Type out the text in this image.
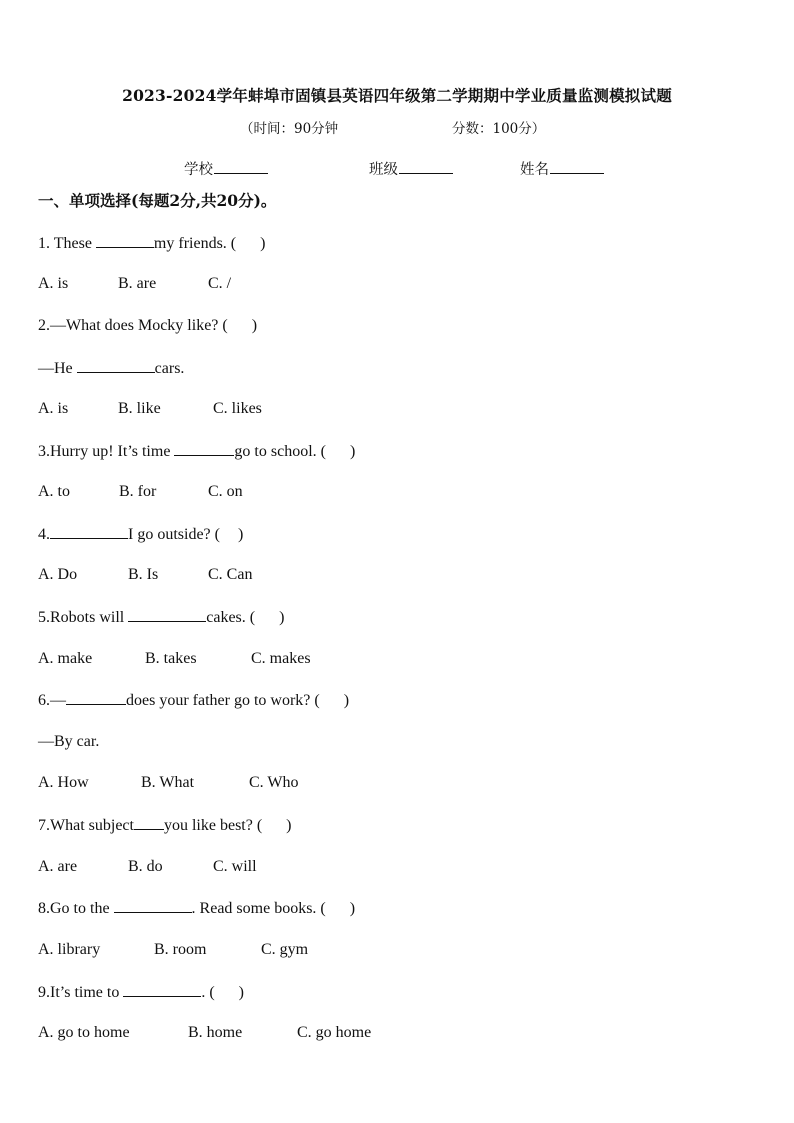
2023-2024学年蚌埠市固镇县英语四年级第二学期期中学业质量监测模拟试题
（时间：90分钟	分数：100分）
学校	班级	姓名
一、单项选择(每题2分,共20分)。
1. These	my friends. ( )
A. is	B. are	C. /
2.—What does Mocky like? ( )
—He	cars.
A. is	B. like	C. likes
3.Hurry up! It’s time	go to school. ( )
A. to	B. for	C. on
4.	I go outside? ( )
A. Do	B. Is	C. Can
5.Robots will	cakes. ( )
A. make	B. takes	C. makes
6.—	does your father go to work? ( )
—By car.
A. How	B. What	C. Who
7.What subject you like best? ( )
A. are	B. do	C. will
8.Go to the	. Read some books. ( )
A. library	B. room	C. gym
9.It’s time to	. ( )
A. go to home	B. home	C. go home
